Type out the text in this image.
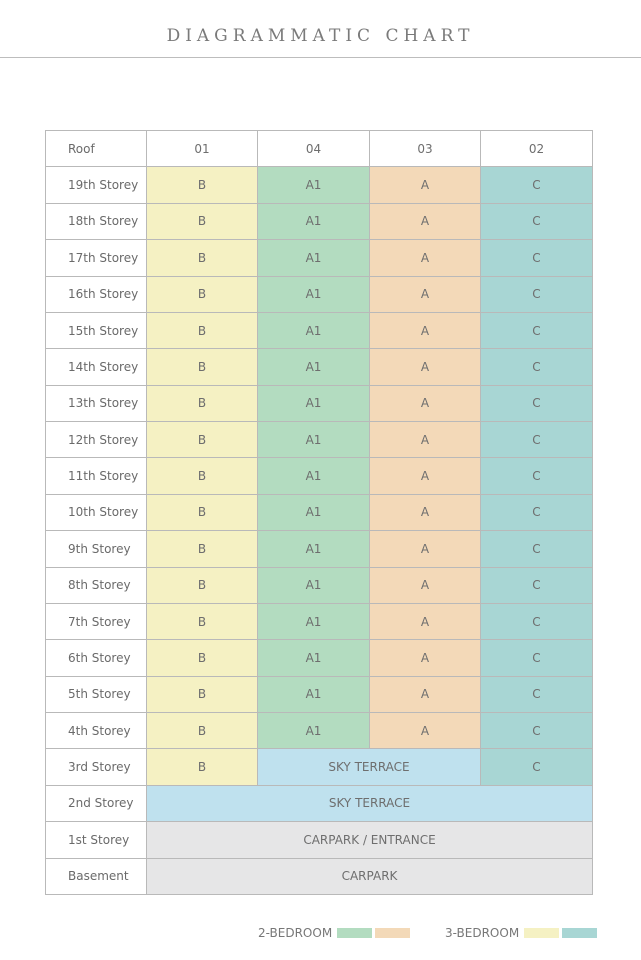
DIAGRAMMATIC CHART
Roof	01	04	03	02
19th Storey	B	A1	A	C
18th Storey	B	A1	A	C
17th Storey	B	A1	A	C
16th Storey	B	A1	A	C
15th Storey	B	A1	A	C
14th Storey	B	A1	A	C
13th Storey	B	A1	A	C
12th Storey	B	A1	A	C
11th Storey	B	A1	A	C
10th Storey	B	A1	A	C
9th Storey	B	A1	A	C
8th Storey	B	A1	A	C
7th Storey	B	A1	A	C
6th Storey	B	A1	A	C
5th Storey	B	A1	A	C
4th Storey	B	A1	A	C
3rd Storey	B	SKY TERRACE		C
2nd Storey	SKY TERRACE			
1st Storey	CARPARK / ENTRANCE			
Basement	CARPARK			
2-BEDROOM	3-BEDROOM
